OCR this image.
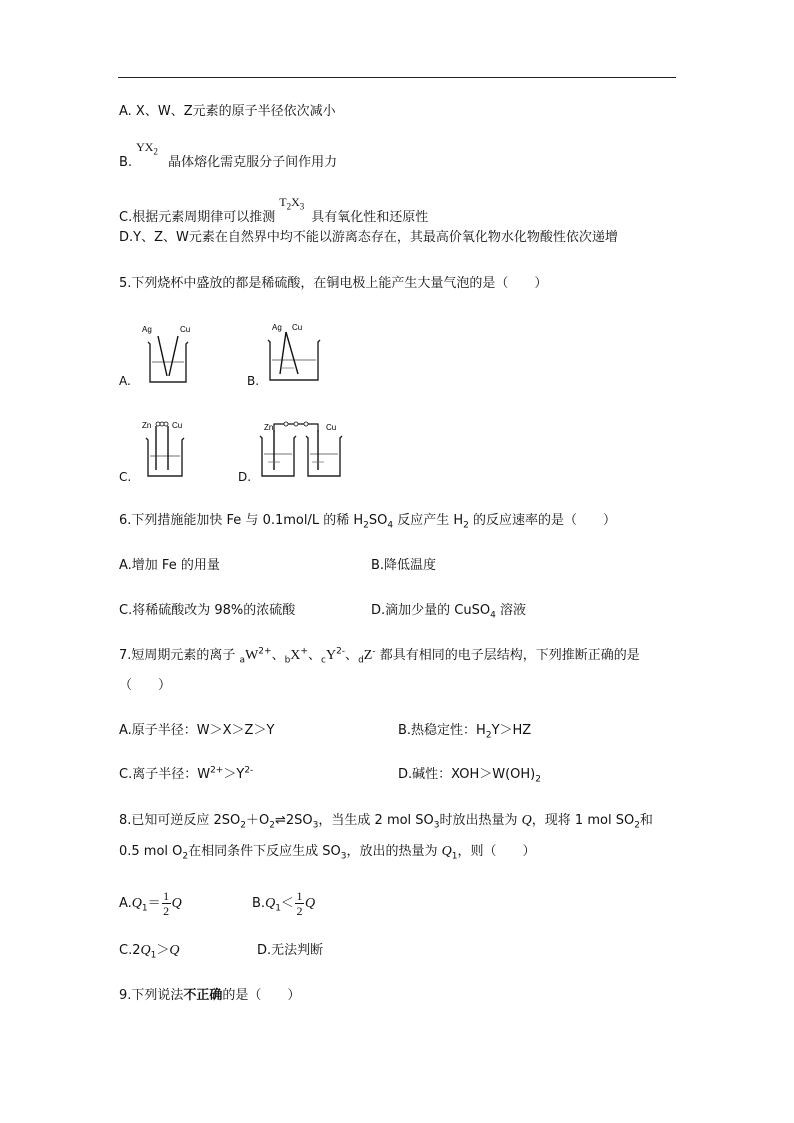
A. X、W、Z元素的原子半径依次减小
B.
$YX_2$
晶体熔化需克服分子间作用力
C.根据元素周期律可以推测
$T_2X_3$
具有氧化性和还原性
D.Y、Z、W元素在自然界中均不能以游离态存在，其最高价氧化物水化物酸性依次递增
5.下列烧杯中盛放的都是稀硫酸，在铜电极上能产生大量气泡的是（　　）
A.
Ag	Cu
B.
Ag Cu
C.
Zn	Cu
D.
Zn	Cu
6.下列措施能加快 Fe 与 0.1mol/L 的稀 $H_2SO_4$ 反应产生 $H_2$ 的反应速率的是（　　）
A.增加 Fe 的用量	B.降低温度
C.将稀硫酸改为 98%的浓硫酸	D.滴加少量的 CuSO$_4$ 溶液
7.短周期元素的离子 $_aW^{2+}$、$_b$X+、$_cY^{2-}$、$_d$Z- 都具有相同的电子层结构，下列推断正确的是
（　　）
A.原子半径：W＞X＞Z＞Y	B.热稳定性：$H_2Y>HZ$
C.离子半径：$W^{2+}>Y^{2-}$	D.碱性：$XOH>W(OH)_2$
8.已知可逆反应 $2SO_2+O_2\rightleftharpoons 2SO_3$，当生成 2 mol $SO_3$时放出热量为 Q，现将 1 mol $SO_2$和
0.5 mol $O_2$在相同条件下反应生成 $SO_3$，放出的热量为 $Q_1$，则（　　）
$A.Q_1= \frac{1}{2}$ Q	$B.Q_1< \frac{1}{2}$ Q
$C.2Q_1>Q$	D.无法判断
9.下列说法不正确的是（　　）
